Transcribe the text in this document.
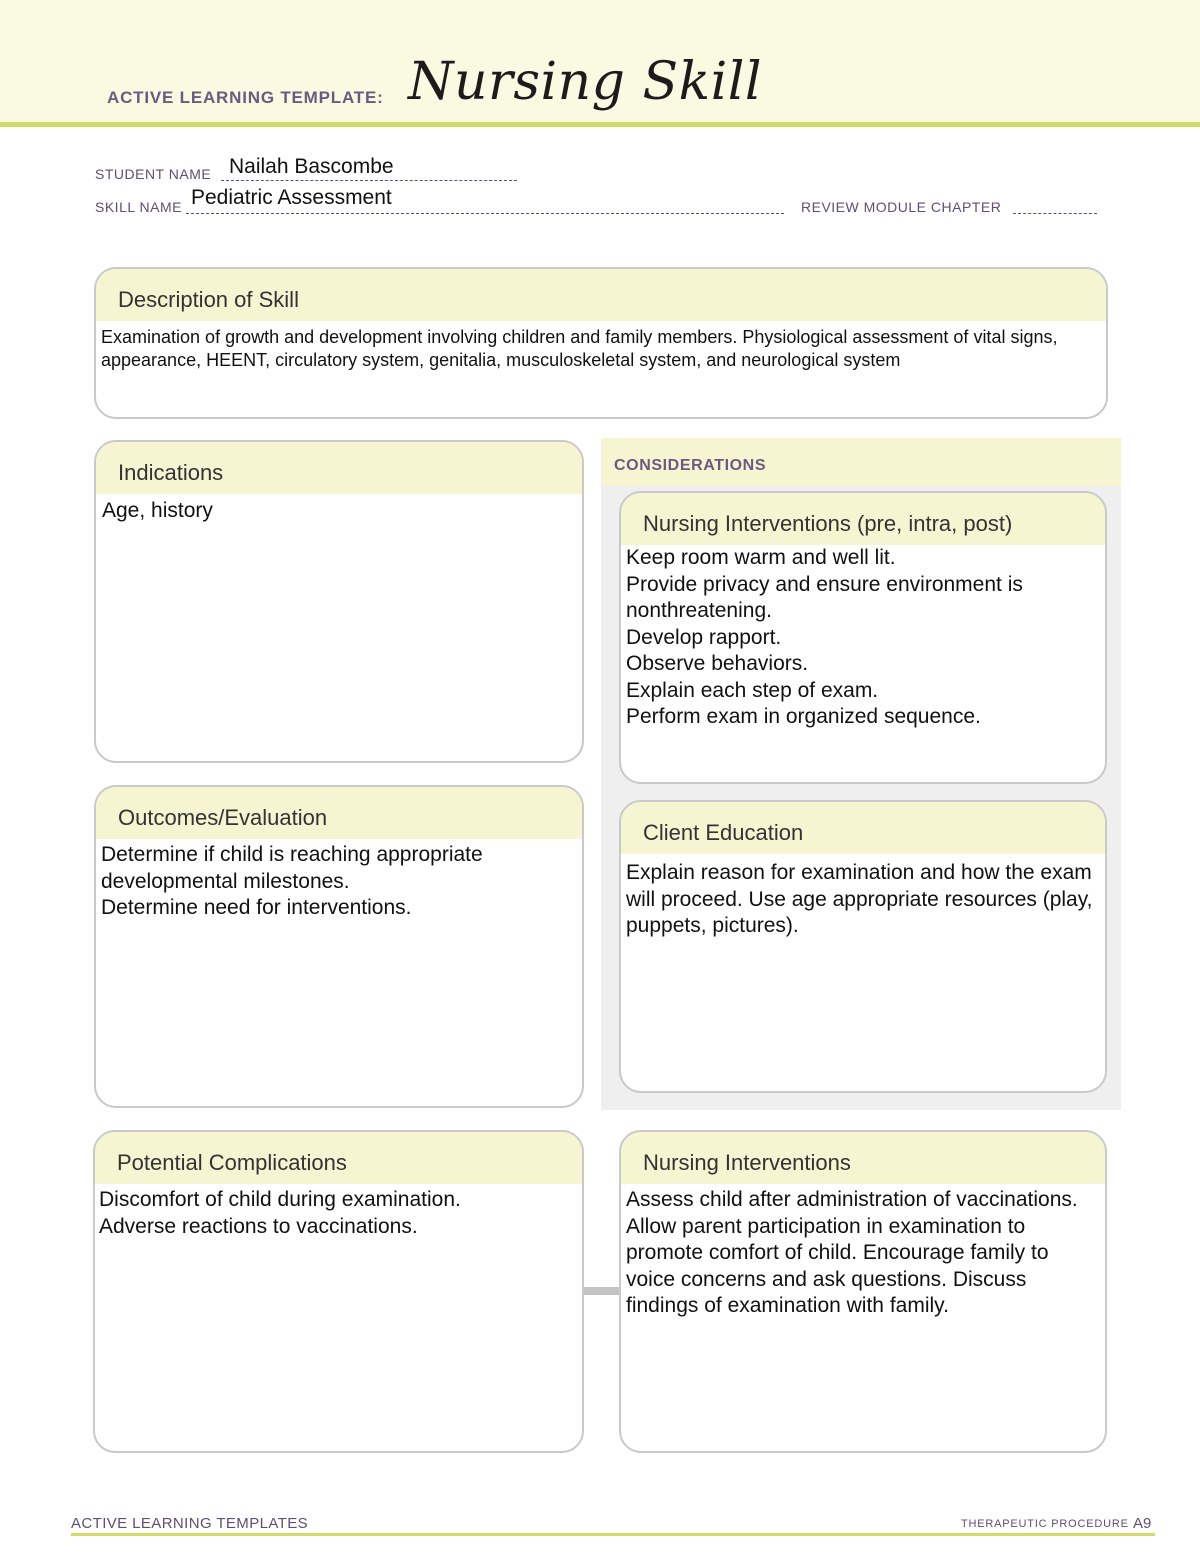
ACTIVE LEARNING TEMPLATE: Nursing Skill
STUDENT NAME Nailah Bascombe
SKILL NAME Pediatric Assessment	REVIEW MODULE CHAPTER
Description of Skill
Examination of growth and development involving children and family members. Physiological assessment of vital signs, appearance, HEENT, circulatory system, genitalia, musculoskeletal system, and neurological system
Indications
Age, history
CONSIDERATIONS
Nursing Interventions (pre, intra, post)
Keep room warm and well lit.
Provide privacy and ensure environment is nonthreatening.
Develop rapport.
Observe behaviors.
Explain each step of exam.
Perform exam in organized sequence.
Outcomes/Evaluation
Determine if child is reaching appropriate developmental milestones.
Determine need for interventions.
Client Education
Explain reason for examination and how the exam will proceed. Use age appropriate resources (play, puppets, pictures).
Potential Complications
Discomfort of child during examination.
Adverse reactions to vaccinations.
Nursing Interventions
Assess child after administration of vaccinations. Allow parent participation in examination to promote comfort of child. Encourage family to voice concerns and ask questions. Discuss findings of examination with family.
ACTIVE LEARNING TEMPLATES	THERAPEUTIC PROCEDURE A9
